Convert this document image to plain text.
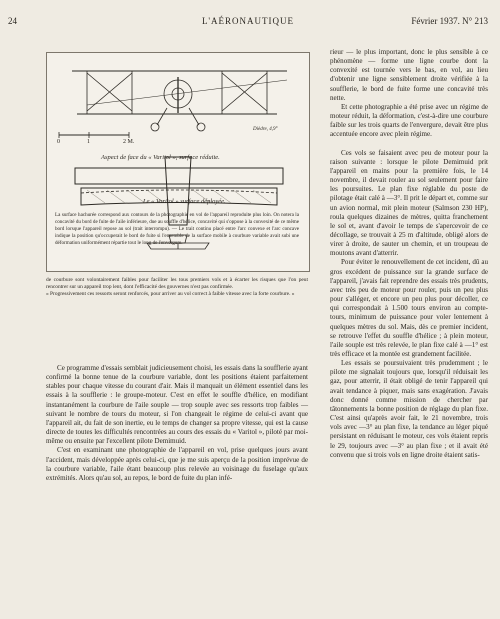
24	L'AÉRONAUTIQUE	Février 1937. N° 213
Dièdre, 4,9°
0	1	2 M.
Aspect de face du « Varitol », surface réduite.
Le « Varitol » surface déployée.
La surface hachurée correspond aux contours de la photographie en vol de l'appareil reproduite plus loin. On notera la concavité du bord de fuite de l'aile inférieure, due au souffle d'hélice, concavité qui s'oppose à la convexité de ce même bord lorsque l'appareil repose au sol (trait interrompu). — Le trait continu placé entre l'arc convexe et l'arc concave indique la position qu'occuperait le bord de fuite si l'ensemble de la surface mobile à courbure variable avait subi une déformation uniformément répartie tout le long de l'envergure.

de courbure sont volontairement faibles pour faciliter les tous premiers vols et à écarter les risques que l'on peut rencontrer sur un appareil trop lent, dont l'efficacité des gouvernes n'est pas confirmée.

« Progressivement ces ressorts seront renforcés, pour arriver au vol correct à faible vitesse avec la forte courbure. »

Ce programme d'essais semblait judicieusement choisi, les essais dans la soufflerie ayant confirmé la bonne tenue de la courbure variable, dont les positions étaient parfaitement stables pour chaque vitesse du courant d'air. Mais il manquait un élément essentiel dans les essais à la soufflerie : le groupe-moteur. C'est en effet le souffle d'hélice, en modifiant instantanément la courbure de l'aile souple — trop souple avec ses ressorts trop faibles — suivant le nombre de tours du moteur, si l'on changeait le régime de celui-ci avant que l'appareil ait, du fait de son inertie, eu le temps de changer sa propre vitesse, qui est la cause directe de toutes les difficultés rencontrées au cours des essais du « Varitol », piloté par moi-même ou ensuite par l'excellent pilote Demimuid.

C'est en examinant une photographie de l'appareil en vol, prise quelques jours avant l'accident, mais développée après celui-ci, que je me suis aperçu de la position imprévue de la courbure variable, l'aile étant beaucoup plus relevée au voisinage du fuselage qu'aux extrémités. Alors qu'au sol, au repos, le bord de fuite du plan infé-

rieur — le plus important, donc le plus sensible à ce phénomène — forme une ligne courbe dont la convexité est tournée vers le bas, en vol, au lieu d'obtenir une ligne sensiblement droite vérifiée à la soufflerie, le bord de fuite forme une concavité très nette.

Et cette photographie a été prise avec un régime de moteur réduit, la déformation, c'est-à-dire une courbure faible sur les trois quarts de l'envergure, devait être plus accentuée encore avec plein régime.

Ces vols se faisaient avec peu de moteur pour la raison suivante : lorsque le pilote Demimuid prit l'appareil en mains pour la première fois, le 14 novembre, il devait rouler au sol seulement pour faire les poursuites. Le plan fixe réglable du poste de pilotage était calé à —3°. Il prit le départ et, comme sur un avion normal, mit plein moteur (Salmson 230 HP), roula quelques dizaines de mètres, quitta franchement le sol et, avant d'avoir le temps de s'apercevoir de ce décollage, se trouvait à 25 m d'altitude, obligé alors de virer à droite, de sauter un chemin, et un troupeau de moutons avant d'atterrir.

Pour éviter le renouvellement de cet incident, dû au gros excédent de puissance sur la grande surface de l'appareil, j'avais fait reprendre des essais très prudents, avec très peu de moteur pour rouler, puis un peu plus pour s'alléger, et encore un peu plus pour décoller, ce qui correspondait à 1.500 tours environ au compte-tours, minimum de puissance pour voler lentement à quelques mètres du sol. Mais, dès ce premier incident, se retrouve l'effet du souffle d'hélice ; à plein moteur, l'aile souple est très relevée, le plan fixe calé à —1° est très efficace et la montée est grandement facilitée.

Les essais se poursuivaient très prudemment ; le pilote me signalait toujours que, lorsqu'il réduisait les gaz, pour atterrir, il était obligé de tenir l'appareil qui avait tendance à piquer, mais sans exagération. J'avais donc donné comme mission de chercher par tâtonnements la bonne position de réglage du plan fixe. C'est ainsi qu'après avoir fait, le 21 novembre, trois vols avec —3° au plan fixe, la tendance au léger piqué persistant en réduisant le moteur, ces vols étaient repris le 29, toujours avec —3° au plan fixe ; et il avait été convenu que si trois vols en ligne droite étaient satis-
